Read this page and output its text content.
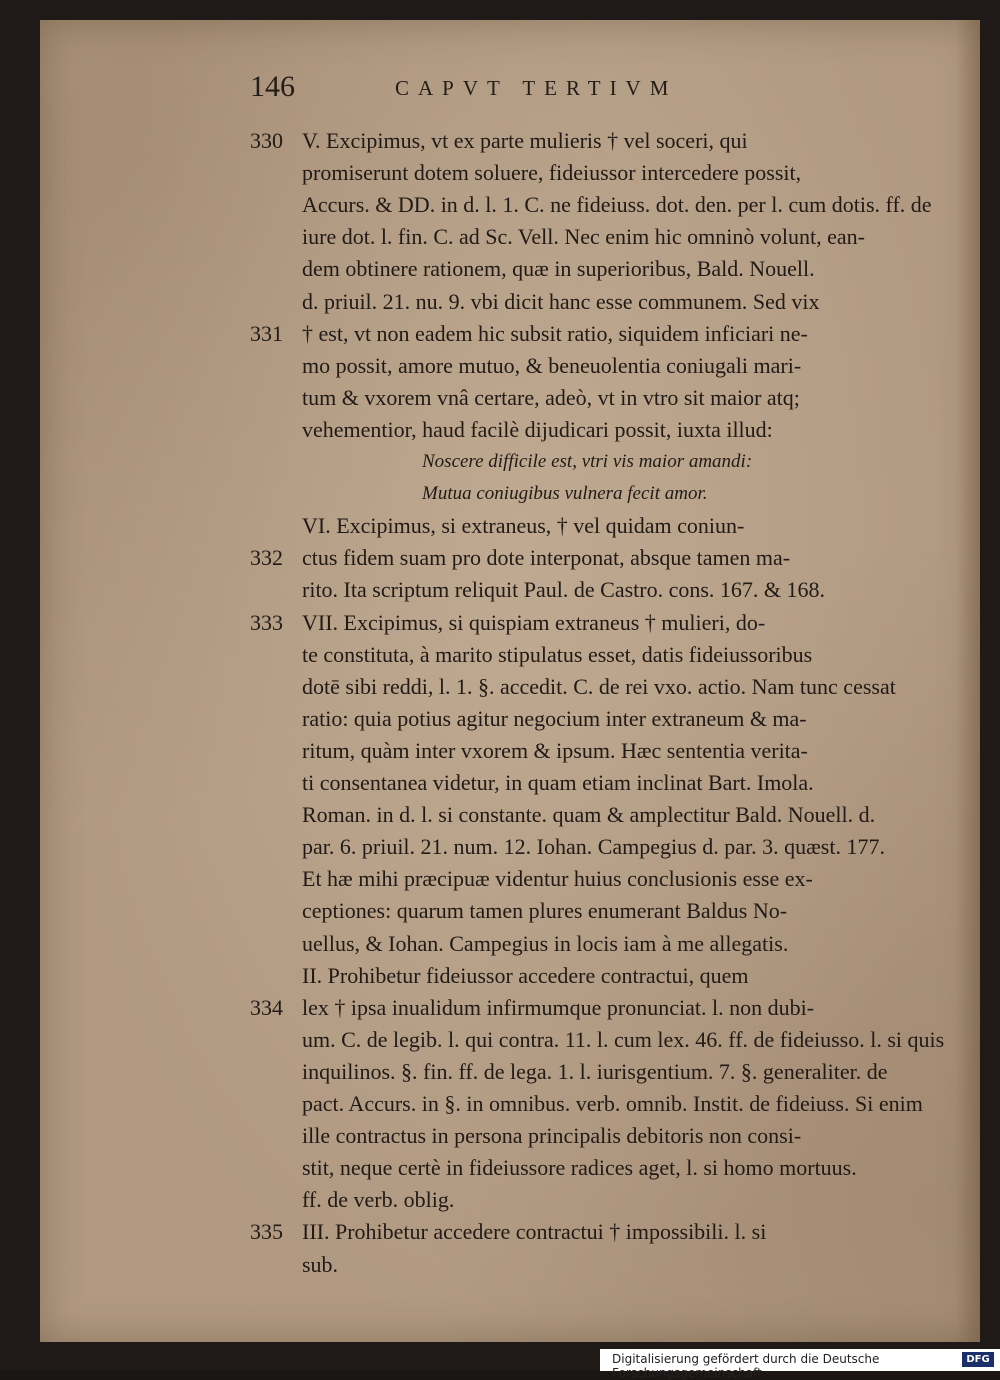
146	CAPVT TERTIVM
330 V. Excipimus, vt ex parte mulieris † vel soceri, qui
promiserunt dotem soluere, fideiussor intercedere possit,
Accurs. & DD. in d. l. 1. C. ne fideiuss. dot. den. per l. cum dotis. ff. de
iure dot. l. fin. C. ad Sc. Vell. Nec enim hic omninò volunt, ean-
dem obtinere rationem, quæ in superioribus, Bald. Nouell.
d. priuil. 21. nu. 9. vbi dicit hanc esse communem. Sed vix
331 † est, vt non eadem hic subsit ratio, siquidem inficiari ne-
mo possit, amore mutuo, & beneuolentia coniugali mari-
tum & vxorem vnâ certare, adeò, vt in vtro sit maior atq;
vehementior, haud facilè dijudicari possit, iuxta illud:
Noscere difficile est, vtri vis maior amandi:
Mutua coniugibus vulnera fecit amor.
VI. Excipimus, si extraneus, † vel quidam coniun-
332 ctus fidem suam pro dote interponat, absque tamen ma-
rito. Ita scriptum reliquit Paul. de Castro. cons. 167. & 168.
333 VII. Excipimus, si quispiam extraneus † mulieri, do-
te constituta, à marito stipulatus esset, datis fideiussoribus
dotē sibi reddi, l. 1. §. accedit. C. de rei vxo. actio. Nam tunc cessat
ratio: quia potius agitur negocium inter extraneum & ma-
ritum, quàm inter vxorem & ipsum. Hæc sententia verita-
ti consentanea videtur, in quam etiam inclinat Bart. Imola.
Roman. in d. l. si constante. quam & amplectitur Bald. Nouell. d.
par. 6. priuil. 21. num. 12. Iohan. Campegius d. par. 3. quæst. 177.
Et hæ mihi præcipuæ videntur huius conclusionis esse ex-
ceptiones: quarum tamen plures enumerant Baldus No-
uellus, & Iohan. Campegius in locis iam à me allegatis.
II. Prohibetur fideiussor accedere contractui, quem
334 lex † ipsa inualidum infirmumque pronunciat. l. non dubi-
um. C. de legib. l. qui contra. 11. l. cum lex. 46. ff. de fideiusso. l. si quis
inquilinos. §. fin. ff. de lega. 1. l. iurisgentium. 7. §. generaliter. de
pact. Accurs. in §. in omnibus. verb. omnib. Instit. de fideiuss. Si enim
ille contractus in persona principalis debitoris non consi-
stit, neque certè in fideiussore radices aget, l. si homo mortuus.
ff. de verb. oblig.
335 III. Prohibetur accedere contractui † impossibili. l. si
sub.
Digitalisierung gefördert durch die Deutsche Forschungsgemeinschaft ·
DFG
